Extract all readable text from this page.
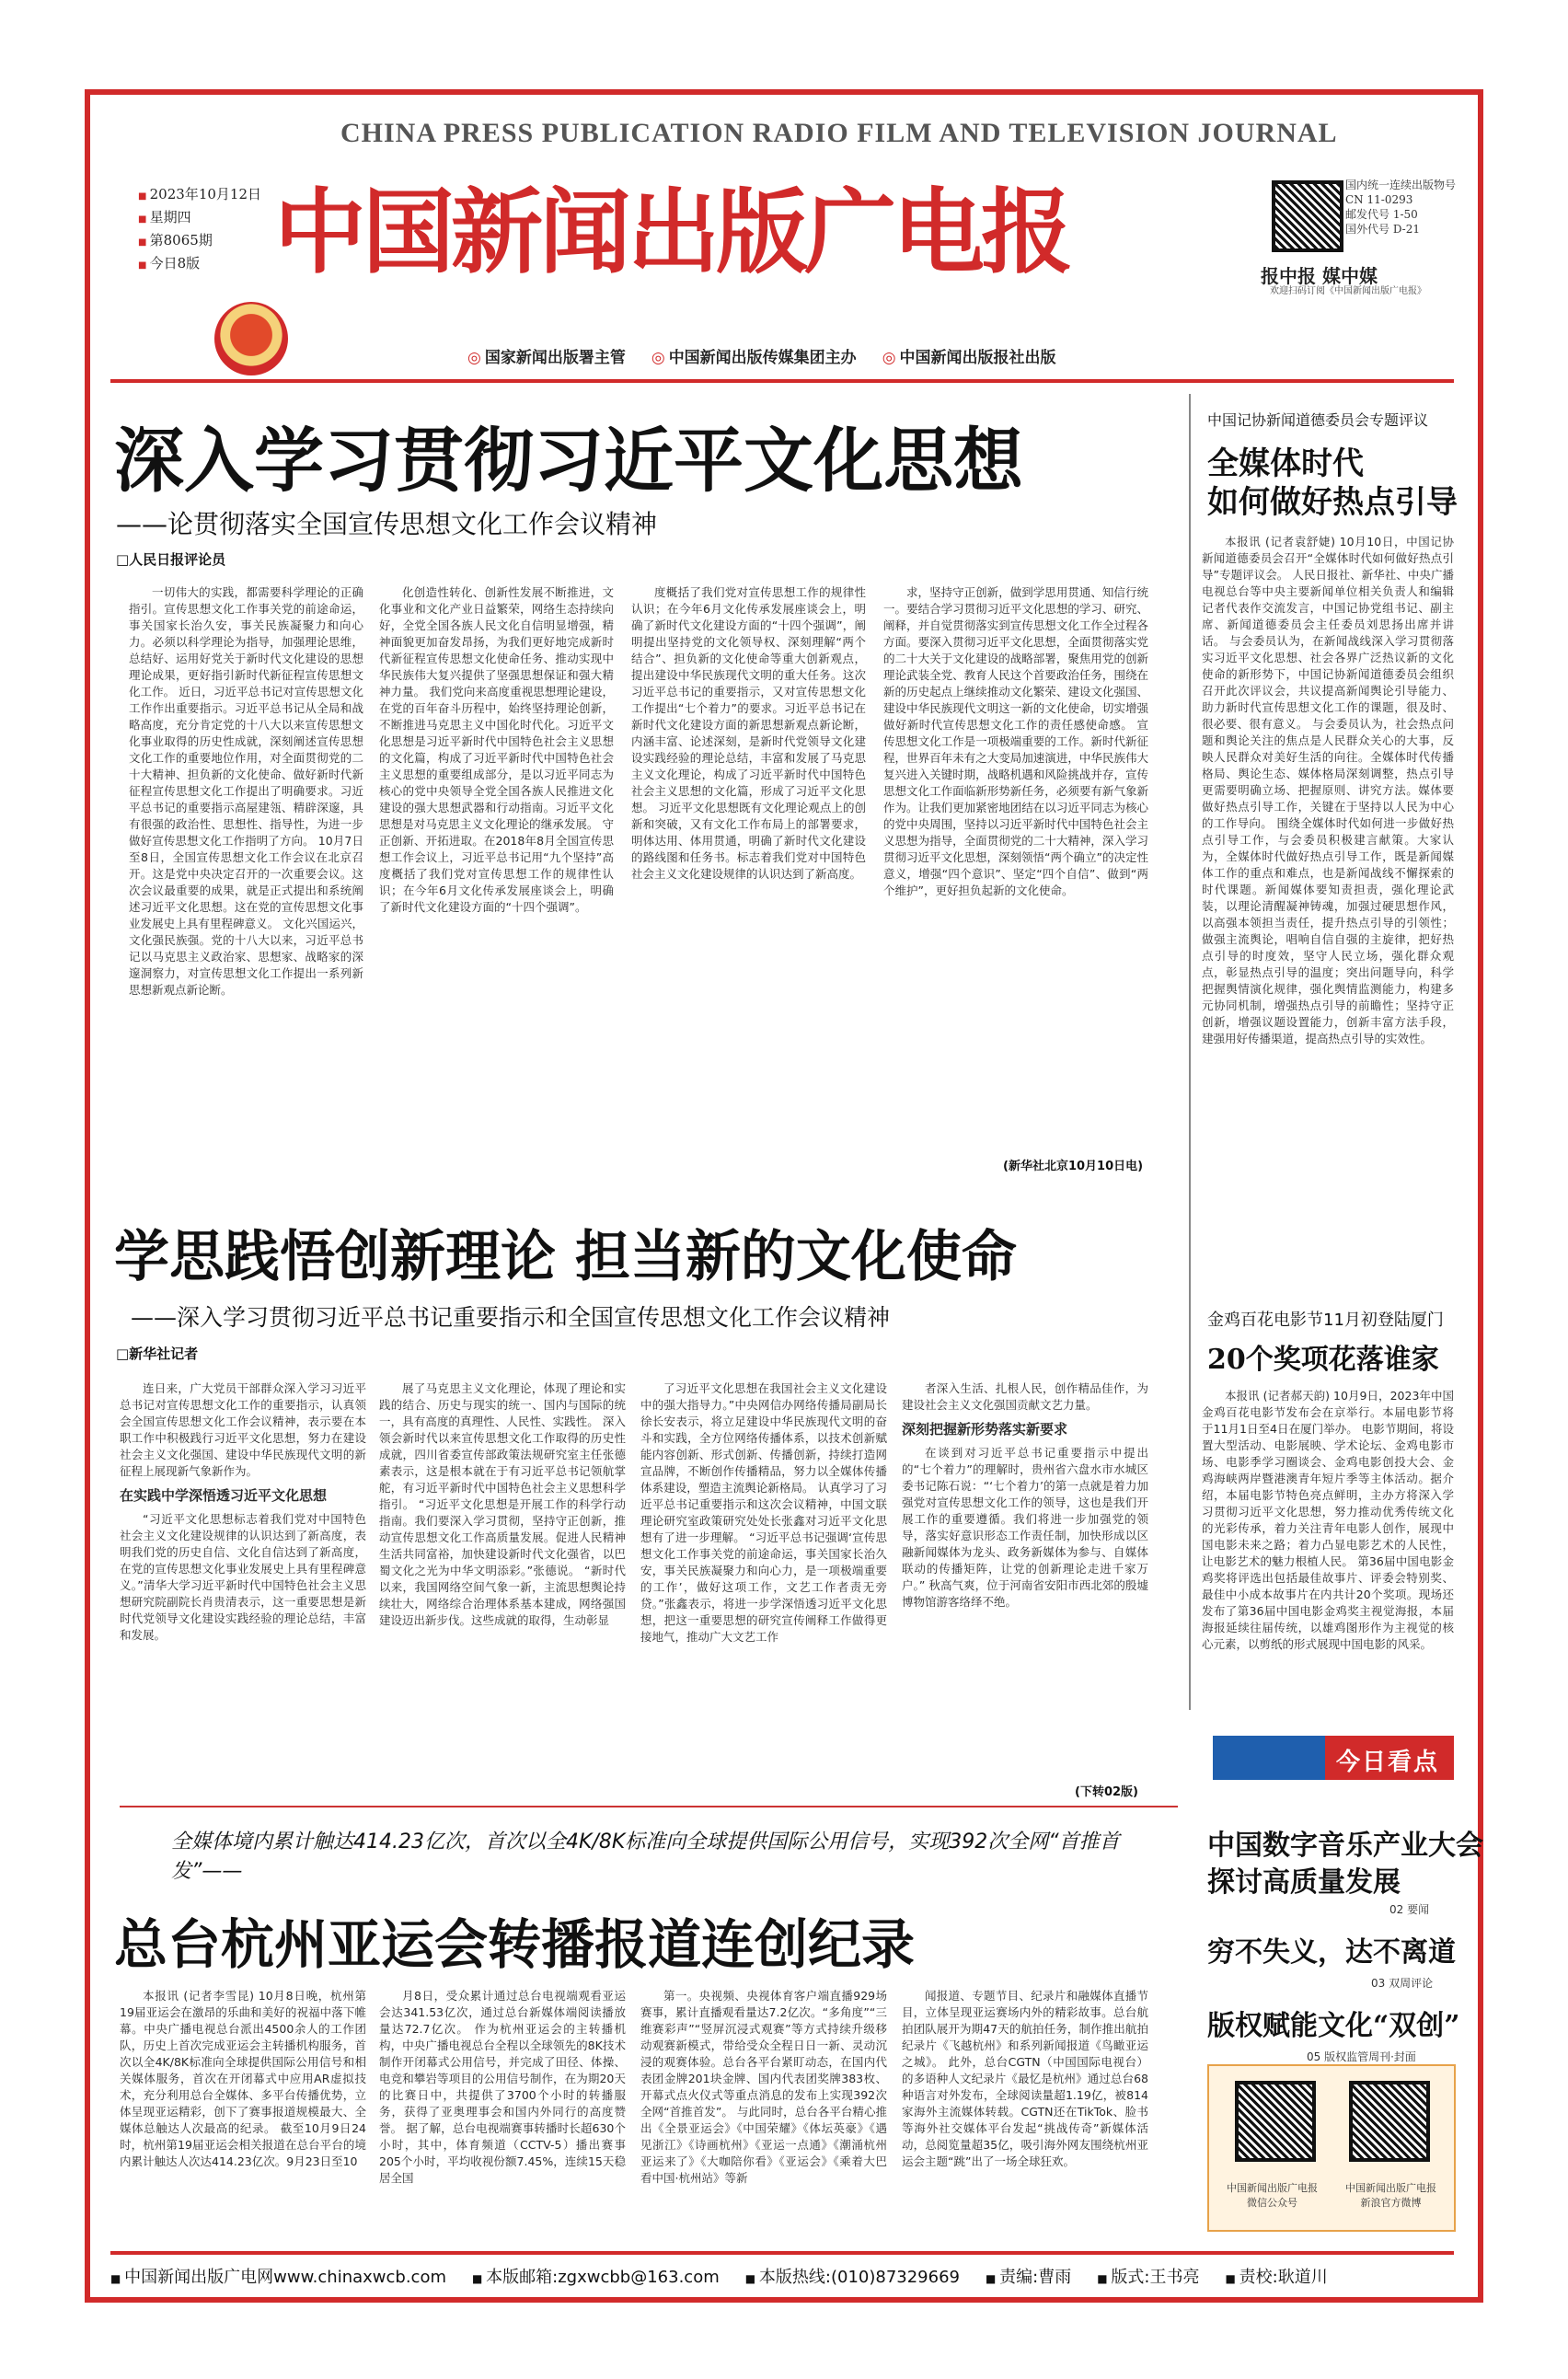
CHINA PRESS PUBLICATION RADIO FILM AND TELEVISION JOURNAL
■ 2023年10月12日
■ 星期四
■ 第8065期
■ 今日8版 中国新闻出版广电报	国内统一连续出版物号
CN 11-0293
邮发代号 1-50
国外代号 D-21
报中报 媒中媒
欢迎扫码订阅《中国新闻出版广电报》
◎ 国家新闻出版署主管	◎ 中国新闻出版传媒集团主办	◎ 中国新闻出版报社出版
深入学习贯彻习近平文化思想
——论贯彻落实全国宣传思想文化工作会议精神
□人民日报评论员

一切伟大的实践，都需要科学理论的正确指引。宣传思想文化工作事关党的前途命运，事关国家长治久安，事关民族凝聚力和向心力。必须以科学理论为指导，加强理论思维，总结好、运用好党关于新时代文化建设的思想理论成果，更好指引新时代新征程宣传思想文化工作。 近日，习近平总书记对宣传思想文化工作作出重要指示。习近平总书记从全局和战略高度，充分肯定党的十八大以来宣传思想文化事业取得的历史性成就，深刻阐述宣传思想文化工作的重要地位作用，对全面贯彻党的二十大精神、担负新的文化使命、做好新时代新征程宣传思想文化工作提出了明确要求。习近平总书记的重要指示高屋建瓴、精辟深邃，具有很强的政治性、思想性、指导性，为进一步做好宣传思想文化工作指明了方向。 10月7日至8日，全国宣传思想文化工作会议在北京召开。这是党中央决定召开的一次重要会议。这次会议最重要的成果，就是正式提出和系统阐述习近平文化思想。这在党的宣传思想文化事业发展史上具有里程碑意义。 文化兴国运兴，文化强民族强。党的十八大以来，习近平总书记以马克思主义政治家、思想家、战略家的深邃洞察力，对宣传思想文化工作提出一系列新思想新观点新论断。

化创造性转化、创新性发展不断推进，文化事业和文化产业日益繁荣，网络生态持续向好，全党全国各族人民文化自信明显增强，精神面貌更加奋发昂扬，为我们更好地完成新时代新征程宣传思想文化使命任务、推动实现中华民族伟大复兴提供了坚强思想保证和强大精神力量。 我们党向来高度重视思想理论建设，在党的百年奋斗历程中，始终坚持理论创新，不断推进马克思主义中国化时代化。习近平文化思想是习近平新时代中国特色社会主义思想的文化篇，构成了习近平新时代中国特色社会主义思想的重要组成部分，是以习近平同志为核心的党中央领导全党全国各族人民推进文化建设的强大思想武器和行动指南。习近平文化思想是对马克思主义文化理论的继承发展。 守正创新、开拓进取。在2018年8月全国宣传思想工作会议上，习近平总书记用“九个坚持”高度概括了我们党对宣传思想工作的规律性认识；在今年6月文化传承发展座谈会上，明确了新时代文化建设方面的“十四个强调”。

度概括了我们党对宣传思想工作的规律性认识；在今年6月文化传承发展座谈会上，明确了新时代文化建设方面的“十四个强调”，阐明提出坚持党的文化领导权、深刻理解“两个结合”、担负新的文化使命等重大创新观点，提出建设中华民族现代文明的重大任务。这次习近平总书记的重要指示，又对宣传思想文化工作提出“七个着力”的要求。习近平总书记在新时代文化建设方面的新思想新观点新论断，内涵丰富、论述深刻，是新时代党领导文化建设实践经验的理论总结，丰富和发展了马克思主义文化理论，构成了习近平新时代中国特色社会主义思想的文化篇，形成了习近平文化思想。 习近平文化思想既有文化理论观点上的创新和突破，又有文化工作布局上的部署要求，明体达用、体用贯通，明确了新时代文化建设的路线图和任务书。标志着我们党对中国特色社会主义文化建设规律的认识达到了新高度。

求，坚持守正创新，做到学思用贯通、知信行统一。要结合学习贯彻习近平文化思想的学习、研究、阐释，并自觉贯彻落实到宣传思想文化工作全过程各方面。要深入贯彻习近平文化思想，全面贯彻落实党的二十大关于文化建设的战略部署，聚焦用党的创新理论武装全党、教育人民这个首要政治任务，围绕在新的历史起点上继续推动文化繁荣、建设文化强国、建设中华民族现代文明这一新的文化使命，切实增强做好新时代宣传思想文化工作的责任感使命感。 宣传思想文化工作是一项极端重要的工作。新时代新征程，世界百年未有之大变局加速演进，中华民族伟大复兴进入关键时期，战略机遇和风险挑战并存，宣传思想文化工作面临新形势新任务，必须要有新气象新作为。让我们更加紧密地团结在以习近平同志为核心的党中央周围，坚持以习近平新时代中国特色社会主义思想为指导，全面贯彻党的二十大精神，深入学习贯彻习近平文化思想，深刻领悟“两个确立”的决定性意义，增强“四个意识”、坚定“四个自信”、做到“两个维护”，更好担负起新的文化使命。

(新华社北京10月10日电)
学思践悟创新理论 担当新的文化使命
——深入学习贯彻习近平总书记重要指示和全国宣传思想文化工作会议精神
□新华社记者

连日来，广大党员干部群众深入学习习近平总书记对宣传思想文化工作的重要指示，认真领会全国宣传思想文化工作会议精神，表示要在本职工作中积极践行习近平文化思想，努力在建设社会主义文化强国、建设中华民族现代文明的新征程上展现新气象新作为。

在实践中学深悟透习近平文化思想

“习近平文化思想标志着我们党对中国特色社会主义文化建设规律的认识达到了新高度，表明我们党的历史自信、文化自信达到了新高度，在党的宣传思想文化事业发展史上具有里程碑意义。”清华大学习近平新时代中国特色社会主义思想研究院副院长肖贵清表示，这一重要思想是新时代党领导文化建设实践经验的理论总结，丰富和发展。

展了马克思主义文化理论，体现了理论和实践的结合、历史与现实的统一、国内与国际的统一，具有高度的真理性、人民性、实践性。 深入领会新时代以来宣传思想文化工作取得的历史性成就，四川省委宣传部政策法规研究室主任张德素表示，这是根本就在于有习近平总书记领航掌舵，有习近平新时代中国特色社会主义思想科学指引。 “习近平文化思想是开展工作的科学行动指南。我们要深入学习贯彻，坚持守正创新，推动宣传思想文化工作高质量发展。促进人民精神生活共同富裕，加快建设新时代文化强省，以巴蜀文化之光为中华文明添彩。”张德说。 “新时代以来，我国网络空间气象一新，主流思想舆论持续壮大，网络综合治理体系基本建成，网络强国建设迈出新步伐。这些成就的取得，生动彰显

了习近平文化思想在我国社会主义文化建设中的强大指导力。”中央网信办网络传播局副局长徐长安表示，将立足建设中华民族现代文明的奋斗和实践，全方位网络传播体系，以技术创新赋能内容创新、形式创新、传播创新，持续打造网宣品牌，不断创作传播精品，努力以全媒体传播体系建设，塑造主流舆论新格局。 认真学习了习近平总书记重要指示和这次会议精神，中国文联理论研究室政策研究处处长张鑫对习近平文化思想有了进一步理解。 “习近平总书记强调‘宣传思想文化工作事关党的前途命运，事关国家长治久安，事关民族凝聚力和向心力，是一项极端重要的工作’，做好这项工作，文艺工作者责无旁贷。”张鑫表示，将进一步学深悟透习近平文化思想，把这一重要思想的研究宣传阐释工作做得更接地气，推动广大文艺工作

者深入生活、扎根人民，创作精品佳作，为建设社会主义文化强国贡献文艺力量。

深刻把握新形势落实新要求

在谈到对习近平总书记重要指示中提出的“七个着力”的理解时，贵州省六盘水市水城区委书记陈石说：“‘七个着力’的第一点就是着力加强党对宣传思想文化工作的领导，这也是我们开展工作的重要遵循。我们将进一步加强党的领导，落实好意识形态工作责任制，加快形成以区融新闻媒体为龙头、政务新媒体为参与、自媒体联动的传播矩阵，让党的创新理论走进千家万户。” 秋高气爽，位于河南省安阳市西北郊的殷墟博物馆游客络绎不绝。

(下转02版)
全媒体境内累计触达414.23亿次，首次以全4K/8K标准向全球提供国际公用信号，实现392次全网“首推首发”——
总台杭州亚运会转播报道连创纪录

本报讯 (记者李雪昆) 10月8日晚，杭州第19届亚运会在激昂的乐曲和美好的祝福中落下帷幕。中央广播电视总台派出4500余人的工作团队，历史上首次完成亚运会主转播机构服务，首次以全4K/8K标准向全球提供国际公用信号和相关媒体服务，首次在开闭幕式中应用AR虚拟技术，充分利用总台全媒体、多平台传播优势，立体呈现亚运精彩，创下了赛事报道规模最大、全媒体总触达人次最高的纪录。 截至10月9日24时，杭州第19届亚运会相关报道在总台平台的境内累计触达人次达414.23亿次。9月23日至10

月8日，受众累计通过总台电视端观看亚运会达341.53亿次，通过总台新媒体端阅读播放量达72.7亿次。 作为杭州亚运会的主转播机构，中央广播电视总台全程以全球领先的8K技术制作开闭幕式公用信号，并完成了田径、体操、电竞和攀岩等项目的公用信号制作，在为期20天的比赛日中，共提供了3700个小时的转播服务，获得了亚奥理事会和国内外同行的高度赞誉。 据了解，总台电视端赛事转播时长超630个小时，其中，体育频道（CCTV-5）播出赛事205个小时，平均收视份额7.45%，连续15天稳居全国

第一。央视频、央视体育客户端直播929场赛事，累计直播观看量达7.2亿次。“多角度”“三维赛彩声”“竖屏沉浸式观赛”等方式持续升级移动观赛新模式，带给受众全程日日一新、灵动沉浸的观赛体验。总台各平台紧盯动态，在国内代表团金牌201块金牌、国内代表团奖牌383枚、开幕式点火仪式等重点消息的发布上实现392次全网“首推首发”。 与此同时，总台各平台精心推出《全景亚运会》《中国荣耀》《体坛英豪》《遇见浙江》《诗画杭州》《亚运一点通》《潮涌杭州 亚运来了》《大咖陪你看》《亚运会》《乘着大巴看中国·杭州站》等新

闻报道、专题节目、纪录片和融媒体直播节目，立体呈现亚运赛场内外的精彩故事。总台航拍团队展开为期47天的航拍任务，制作推出航拍纪录片《飞越杭州》和系列新闻报道《鸟瞰亚运之城》。 此外，总台CGTN（中国国际电视台）的多语种人文纪录片《最忆是杭州》通过总台68种语言对外发布，全球阅读量超1.19亿，被814家海外主流媒体转载。CGTN还在TikTok、脸书等海外社交媒体平台发起“挑战传奇”新媒体活动，总阅览量超35亿，吸引海外网友围绕杭州亚运会主题“跳”出了一场全球狂欢。

中国记协新闻道德委员会专题评议
全媒体时代
如何做好热点引导

本报讯 (记者袁舒婕) 10月10日，中国记协新闻道德委员会召开“全媒体时代如何做好热点引导”专题评议会。 人民日报社、新华社、中央广播电视总台等中央主要新闻单位相关负责人和编辑记者代表作交流发言，中国记协党组书记、副主席、新闻道德委员会主任委员刘思扬出席并讲话。 与会委员认为，在新闻战线深入学习贯彻落实习近平文化思想、社会各界广泛热议新的文化使命的新形势下，中国记协新闻道德委员会组织召开此次评议会，共议提高新闻舆论引导能力、助力新时代宣传思想文化工作的课题，很及时、很必要、很有意义。 与会委员认为，社会热点问题和舆论关注的焦点是人民群众关心的大事，反映人民群众对美好生活的向往。全媒体时代传播格局、舆论生态、媒体格局深刻调整，热点引导更需要明确立场、把握原则、讲究方法。媒体要做好热点引导工作，关键在于坚持以人民为中心的工作导向。 围绕全媒体时代如何进一步做好热点引导工作，与会委员积极建言献策。大家认为，全媒体时代做好热点引导工作，既是新闻媒体工作的重点和难点，也是新闻战线不懈探索的时代课题。新闻媒体要知责担责，强化理论武装，以理论清醒凝神铸魂，加强过硬思想作风，以高强本领担当责任，提升热点引导的引领性；做强主流舆论，唱响自信自强的主旋律，把好热点引导的时度效，坚守人民立场，强化群众观点，彰显热点引导的温度；突出问题导向，科学把握舆情演化规律，强化舆情监测能力，构建多元协同机制，增强热点引导的前瞻性；坚持守正创新，增强议题设置能力，创新丰富方法手段，建强用好传播渠道，提高热点引导的实效性。

金鸡百花电影节11月初登陆厦门
20个奖项花落谁家

本报讯 (记者郝天韵) 10月9日，2023年中国金鸡百花电影节发布会在京举行。本届电影节将于11月1日至4日在厦门举办。 电影节期间，将设置大型活动、电影展映、学术论坛、金鸡电影市场、电影季学习圈谈会、金鸡电影创投大会、金鸡海峡两岸暨港澳青年短片季等主体活动。据介绍，本届电影节特色亮点鲜明，主办方将深入学习贯彻习近平文化思想，努力推动优秀传统文化的光彩传承，着力关注青年电影人创作，展现中国电影未来之路；着力凸显电影艺术的人民性，让电影艺术的魅力根植人民。 第36届中国电影金鸡奖将评选出包括最佳故事片、评委会特别奖、最佳中小成本故事片在内共计20个奖项。现场还发布了第36届中国电影金鸡奖主视觉海报，本届海报延续往届传统，以雄鸡图形作为主视觉的核心元素，以剪纸的形式展现中国电影的风采。

今日看点
中国数字音乐产业大会
探讨高质量发展
02 要闻
穷不失义，达不离道
03 双周评论
版权赋能文化“双创”
05 版权监管周刊·封面
中国新闻出版广电报
微信公众号
中国新闻出版广电报
新浪官方微博
■ 中国新闻出版广电网www.chinaxwcb.com	■ 本版邮箱:zgxwcbb@163.com	■ 本版热线:(010)87329669	■ 责编:曹雨	■ 版式:王书亮	■ 责校:耿道川
